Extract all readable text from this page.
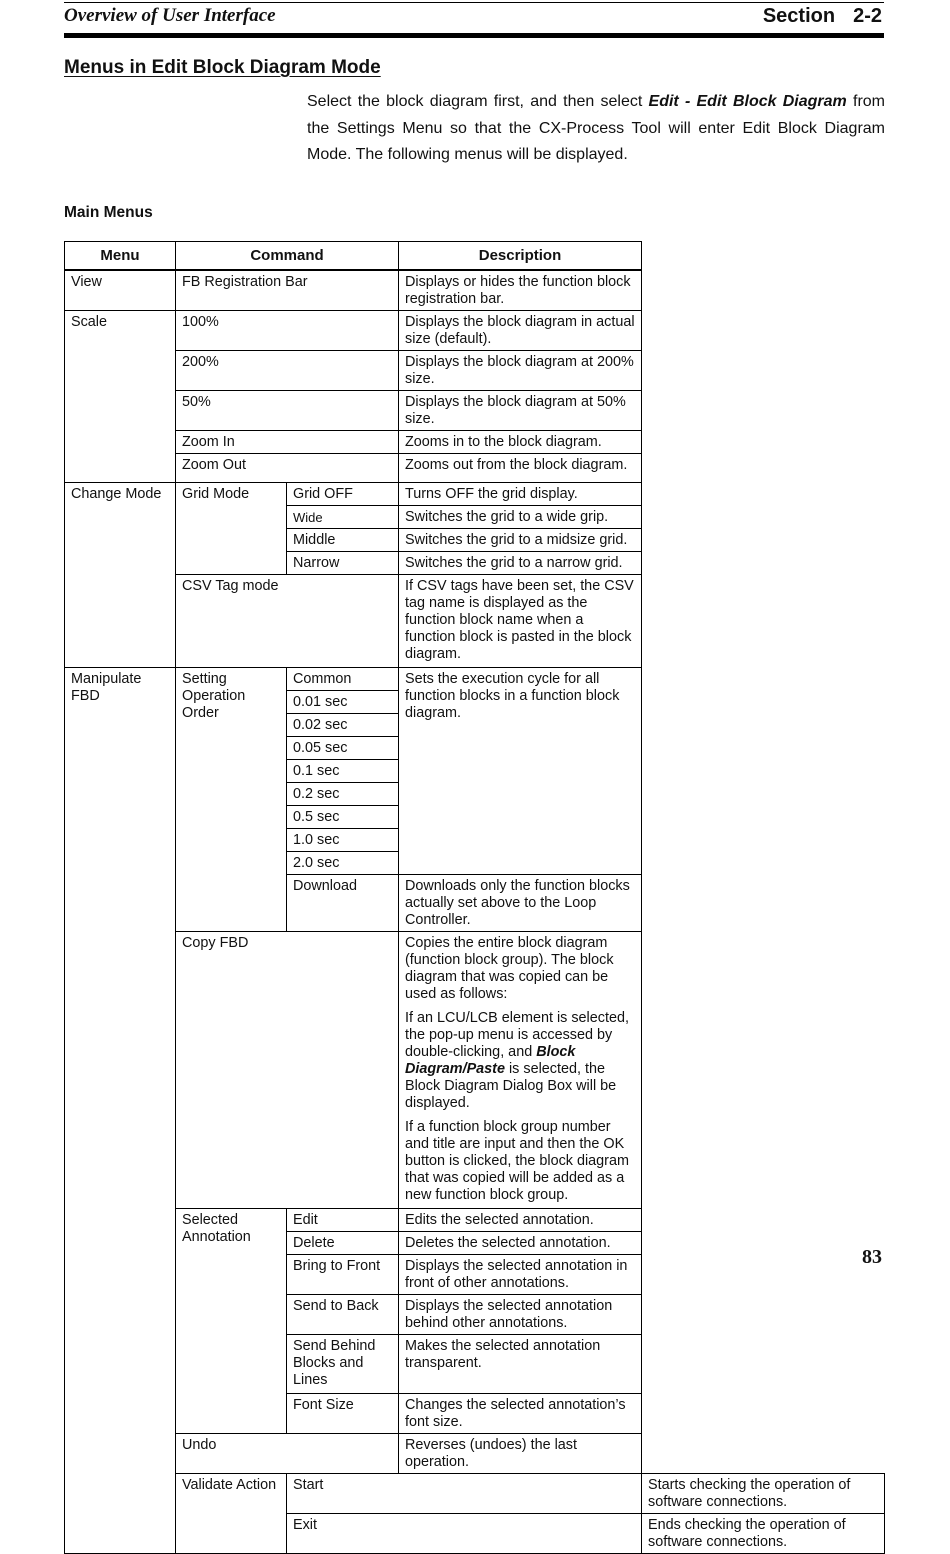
Overview of User Interface	Section 2-2
Menus in Edit Block Diagram Mode

Select the block diagram first, and then select Edit - Edit Block Diagram from the Settings Menu so that the CX-Process Tool will enter Edit Block Diagram Mode. The following menus will be displayed.

Main Menus
Menu	Command		Description	
View	FB Registration Bar		Displays or hides the function block registration bar.	
Scale	100%		Displays the block diagram in actual size (default).	
	200%		Displays the block diagram at 200% size.	
	50%		Displays the block diagram at 50% size.	
	Zoom In		Zooms in to the block diagram.	
	Zoom Out		Zooms out from the block diagram.	
Change Mode	Grid Mode	Grid OFF	Turns OFF the grid display.	
		Wide	Switches the grid to a wide grip.	
		Middle	Switches the grid to a midsize grid.	
		Narrow	Switches the grid to a narrow grid.	
	CSV Tag mode		If CSV tags have been set, the CSV tag name is displayed as the function block name when a function block is pasted in the block diagram.	
Manipulate FBD	Setting Operation Order	Common	Sets the execution cycle for all function blocks in a function block diagram.	
		0.01 sec		
		0.02 sec		
		0.05 sec		
		0.1 sec		
		0.2 sec		
		0.5 sec		
		1.0 sec		
		2.0 sec		
		Download	Downloads only the function blocks actually set above to the Loop Controller.	
	Copy FBD		Copies the entire block diagram (function block group). The block diagram that was copied can be used as follows:
If an LCU/LCB element is selected, the pop-up menu is accessed by double-clicking, and Block Diagram/Paste is selected, the Block Diagram Dialog Box will be displayed.
If a function block group number and title are input and then the OK button is clicked, the block diagram that was copied will be added as a new function block group.	

	Selected Annotation	Edit	Edits the selected annotation.	
		Delete	Deletes the selected annotation.	
		Bring to Front	Displays the selected annotation in front of other annotations.	
		Send to Back	Displays the selected annotation behind other annotations.	
		Send Behind Blocks and Lines	Makes the selected annotation transparent.	
		Font Size	Changes the selected annotation’s font size.	
	Undo		Reverses (undoes) the last operation.	
	Validate Action	Start		Starts checking the operation of software connections.
		Exit		Ends checking the operation of software connections.
83
